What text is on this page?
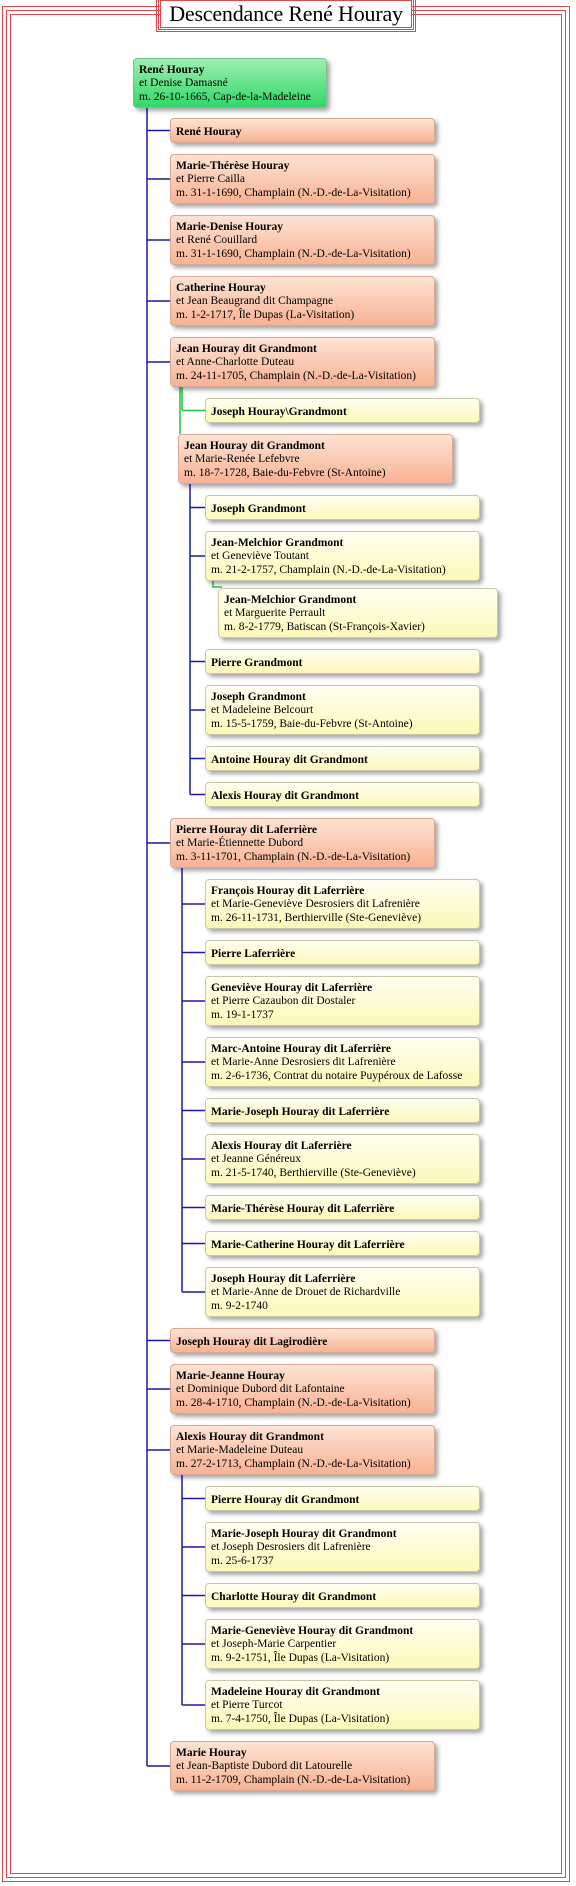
Descendance René Houray
René Houray
et Denise Damasné
m. 26-10-1665, Cap-de-la-Madeleine
René Houray
Marie-Thérèse Houray
et Pierre Cailla
m. 31-1-1690, Champlain (N.-D.-de-La-Visitation)
Marie-Denise Houray
et René Couillard
m. 31-1-1690, Champlain (N.-D.-de-La-Visitation)
Catherine Houray
et Jean Beaugrand dit Champagne
m. 1-2-1717, Île Dupas (La-Visitation)
Jean Houray dit Grandmont
et Anne-Charlotte Duteau
m. 24-11-1705, Champlain (N.-D.-de-La-Visitation)
Joseph Houray\Grandmont
Jean Houray dit Grandmont
et Marie-Renée Lefebvre
m. 18-7-1728, Baie-du-Febvre (St-Antoine)
Joseph Grandmont
Jean-Melchior Grandmont
et Geneviève Toutant
m. 21-2-1757, Champlain (N.-D.-de-La-Visitation)
Jean-Melchior Grandmont
et Marguerite Perrault
m. 8-2-1779, Batiscan (St-François-Xavier)
Pierre Grandmont
Joseph Grandmont
et Madeleine Belcourt
m. 15-5-1759, Baie-du-Febvre (St-Antoine)
Antoine Houray dit Grandmont
Alexis Houray dit Grandmont
Pierre Houray dit Laferrière
et Marie-Étiennette Dubord
m. 3-11-1701, Champlain (N.-D.-de-La-Visitation)
François Houray dit Laferrière
et Marie-Geneviève Desrosiers dit Lafrenière
m. 26-11-1731, Berthierville (Ste-Geneviève)
Pierre Laferrière
Geneviève Houray dit Laferrière
et Pierre Cazaubon dit Dostaler
m. 19-1-1737
Marc-Antoine Houray dit Laferrière
et Marie-Anne Desrosiers dit Lafrenière
m. 2-6-1736, Contrat du notaire Puypéroux de Lafosse
Marie-Joseph Houray dit Laferrière
Alexis Houray dit Laferrière
et Jeanne Généreux
m. 21-5-1740, Berthierville (Ste-Geneviève)
Marie-Thérèse Houray dit Laferrière
Marie-Catherine Houray dit Laferrière
Joseph Houray dit Laferrière
et Marie-Anne de Drouet de Richardville
m. 9-2-1740
Joseph Houray dit Lagirodière
Marie-Jeanne Houray
et Dominique Dubord dit Lafontaine
m. 28-4-1710, Champlain (N.-D.-de-La-Visitation)
Alexis Houray dit Grandmont
et Marie-Madeleine Duteau
m. 27-2-1713, Champlain (N.-D.-de-La-Visitation)
Pierre Houray dit Grandmont
Marie-Joseph Houray dit Grandmont
et Joseph Desrosiers dit Lafrenière
m. 25-6-1737
Charlotte Houray dit Grandmont
Marie-Geneviève Houray dit Grandmont
et Joseph-Marie Carpentier
m. 9-2-1751, Île Dupas (La-Visitation)
Madeleine Houray dit Grandmont
et Pierre Turcot
m. 7-4-1750, Île Dupas (La-Visitation)
Marie Houray
et Jean-Baptiste Dubord dit Latourelle
m. 11-2-1709, Champlain (N.-D.-de-La-Visitation)
